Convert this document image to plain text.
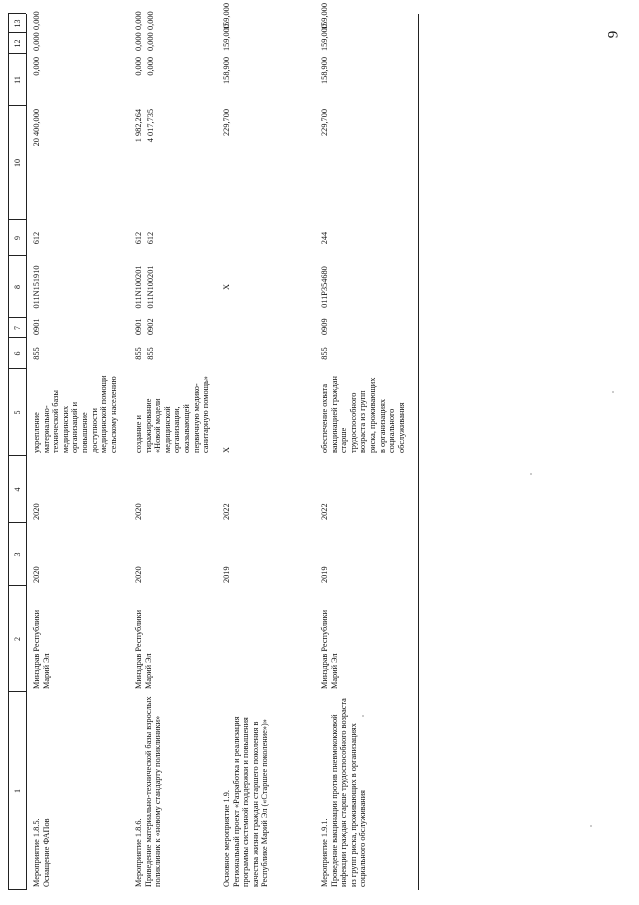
9
1
2
3
4
5
6
7
8
9
10
11
12
13
Мероприятие 1.8.5.
Оснащение ФАПов
Минздрав Республики Марий Эл
2020
2020
укрепление материально-технической базы медицинских организаций и повышение доступности медицинской помощи сельскому населению
855
0901
011N151910
612
20 400,000
0,000
0,000
0,000
Мероприятие 1.8.6.
Приведение материально-технической базы взрослых поликлиник к «новому стандарту поликлиники»
Минздрав Республики Марий Эл
2020
2020
создание и тиражирование «Новой модели медицинской организации, оказывающей первичную медико-санитарную помощь»
855 855
0901 0902
011N100201 011N100201
612 612
1 982,264 4 017,735
0,000 0,000
0,000 0,000
0,000 0,000
Основное мероприятие 1.9.
Региональный проект «Разработка и реализация программы системной поддержки и повышения качества жизни граждан старшего поколения в Республике Марий Эл («Старшее поколение»)»
2019
2022
X
X
229,700
158,900
159,000
159,000
Мероприятие 1.9.1.
Проведение вакцинации против пневмококковой инфекции граждан старше трудоспособного возраста из групп риска, проживающих в организациях социального обслуживания
Минздрав Республики Марий Эл
2019
2022
обеспечение охвата вакцинацией граждан старше трудоспособного возраста из групп риска, проживающих в организациях социального обслуживания
855
0909
011P354680
244
229,700
158,900
159,000
159,000
